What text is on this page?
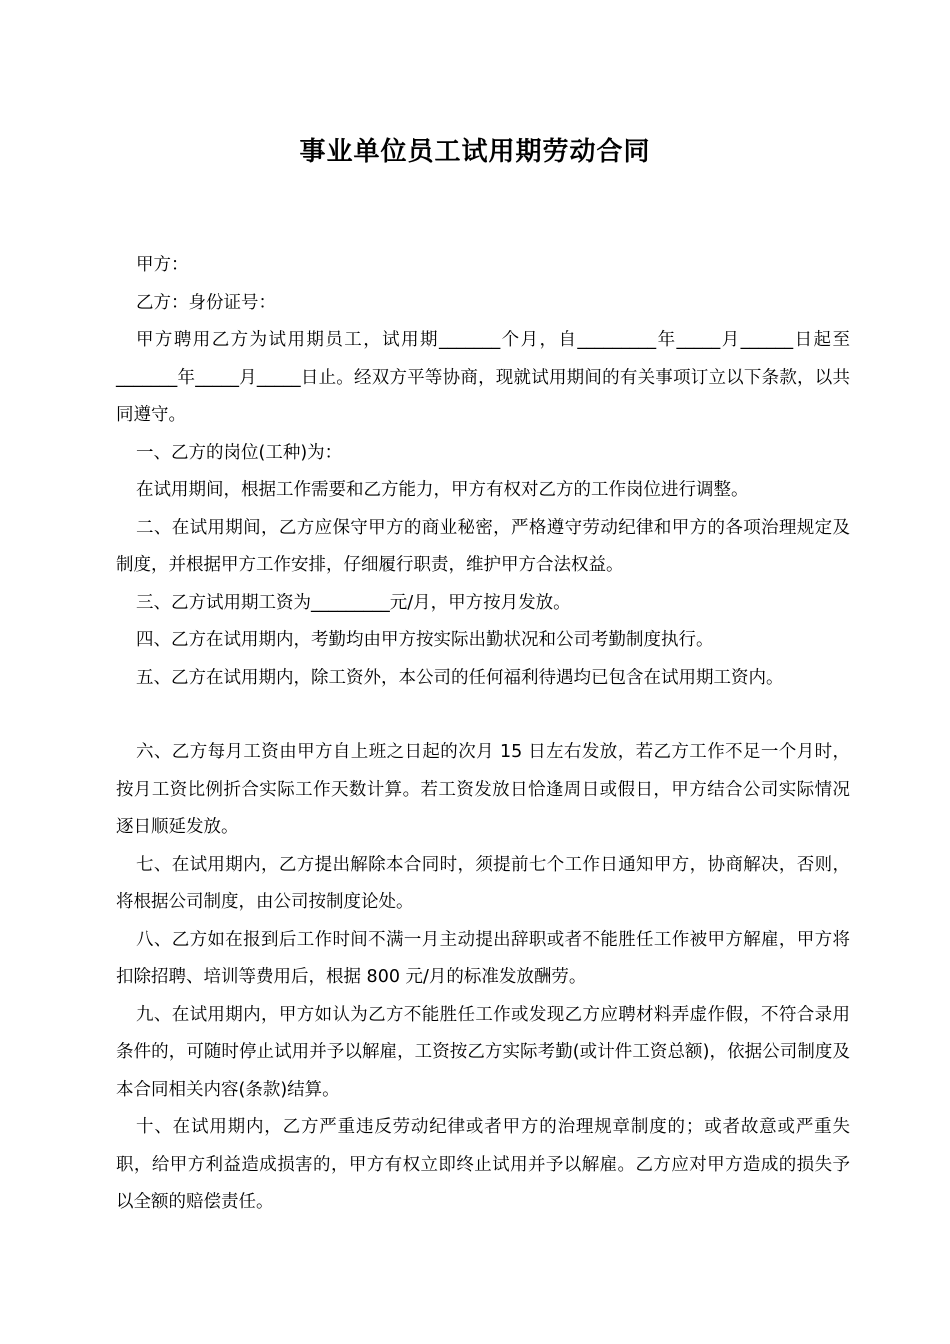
事业单位员工试用期劳动合同

甲方：

乙方：身份证号：

甲方聘用乙方为试用期员工，试用期_______个月，自_________年_____月______日起至_______年_____月_____日止。经双方平等协商，现就试用期间的有关事项订立以下条款，以共同遵守。

一、乙方的岗位(工种)为：

在试用期间，根据工作需要和乙方能力，甲方有权对乙方的工作岗位进行调整。

二、在试用期间，乙方应保守甲方的商业秘密，严格遵守劳动纪律和甲方的各项治理规定及制度，并根据甲方工作安排，仔细履行职责，维护甲方合法权益。

三、乙方试用期工资为_________元/月，甲方按月发放。

四、乙方在试用期内，考勤均由甲方按实际出勤状况和公司考勤制度执行。

五、乙方在试用期内，除工资外，本公司的任何福利待遇均已包含在试用期工资内。

六、乙方每月工资由甲方自上班之日起的次月 15 日左右发放，若乙方工作不足一个月时，按月工资比例折合实际工作天数计算。若工资发放日恰逢周日或假日，甲方结合公司实际情况逐日顺延发放。

七、在试用期内，乙方提出解除本合同时，须提前七个工作日通知甲方，协商解决，否则，将根据公司制度，由公司按制度论处。

八、乙方如在报到后工作时间不满一月主动提出辞职或者不能胜任工作被甲方解雇，甲方将扣除招聘、培训等费用后，根据 800 元/月的标准发放酬劳。

九、在试用期内，甲方如认为乙方不能胜任工作或发现乙方应聘材料弄虚作假，不符合录用条件的，可随时停止试用并予以解雇，工资按乙方实际考勤(或计件工资总额)，依据公司制度及本合同相关内容(条款)结算。

十、在试用期内，乙方严重违反劳动纪律或者甲方的治理规章制度的；或者故意或严重失职，给甲方利益造成损害的，甲方有权立即终止试用并予以解雇。乙方应对甲方造成的损失予以全额的赔偿责任。
